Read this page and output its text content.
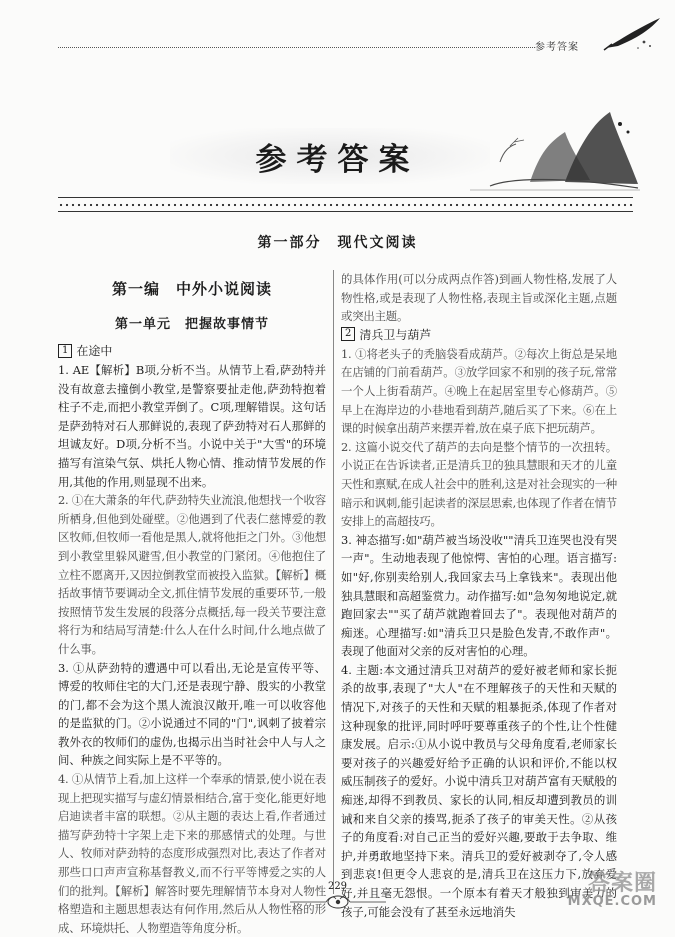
参考答案
参考答案
第一部分　现代文阅读
第一编　中外小说阅读
第一单元　把握故事情节
1 在途中

1. AE【解析】B项,分析不当。从情节上看,萨劲特并没有故意去撞倒小教堂,是警察要扯走他,萨劲特抱着柱子不走,而把小教堂弄倒了。C项,理解错误。这句话是萨劲特对石人那鲜说的,表现了萨劲特对石人那鲜的坦诚友好。D项,分析不当。小说中关于"大雪"的环境描写有渲染气氛、烘托人物心情、推动情节发展的作用,其他的作用,则显现不出来。

2. ①在大萧条的年代,萨劲特失业流浪,他想找一个收容所栖身,但他到处碰壁。②他遇到了代表仁慈博爱的教区牧师,但牧师一看他是黑人,就将他拒之门外。③他想到小教堂里躲风避雪,但小教堂的门紧闭。④他抱住了立柱不愿离开,又因拉倒教堂而被投入监狱。【解析】概括故事情节要调动全文,抓住情节发展的重要环节,一般按照情节发生发展的段落分点概括,每一段关节要注意将行为和结局写清楚:什么人在什么时间,什么地点做了什么事。

3. ①从萨劲特的遭遇中可以看出,无论是宣传平等、博爱的牧师住宅的大门,还是表现宁静、殷实的小教堂的门,都不会为这个黑人流浪汉敞开,唯一可以收容他的是监狱的门。②小说通过不同的"门",讽刺了披着宗教外衣的牧师们的虚伪,也揭示出当时社会中人与人之间、种族之间实际上是不平等的。

4. ①从情节上看,加上这样一个奉承的情景,使小说在表现上把现实描写与虚幻情景相结合,富于变化,能更好地启迪读者丰富的联想。②从主题的表达上看,作者通过描写萨劲特十字架上走下来的那感情式的处理。与世人、牧师对萨劲特的态度形成强烈对比,表达了作者对那些口口声声宣称基督教义,而不行平等博爱之实的人们的批判。【解析】解答时要先理解情节本身对人物性格塑造和主题思想表达有何作用,然后从人物性格的形成、环境烘托、人物塑造等角度分析。

的具体作用(可以分成两点作答)到画人物性格,发展了人物性格,或是表现了人物性格,表现主旨或深化主题,点题或突出主题。

2 清兵卫与葫芦

1. ①将老头子的秃脑袋看成葫芦。②每次上街总是呆地在店铺的门前看葫芦。③放学回家不和别的孩子玩,常常一个人上街看葫芦。④晚上在起居室里专心修葫芦。⑤早上在海岸边的小巷地看到葫芦,随后买了下来。⑥在上课的时候拿出葫芦来摆弄着,放在桌子底下把玩葫芦。

2. 这篇小说交代了葫芦的去向是整个情节的一次扭转。小说正在告诉读者,正是清兵卫的独具慧眼和天才的儿童天性和禀赋,在成人社会中的胜利,这是对社会现实的一种暗示和讽刺,能引起读者的深层思索,也体现了作者在情节安排上的高超技巧。

3. 神态描写:如"葫芦被当场没收""清兵卫连哭也没有哭一声"。生动地表现了他惊愕、害怕的心理。语言描写:如"好,你别卖给别人,我回家去马上拿钱来"。表现出他独具慧眼和高超鉴赏力。动作描写:如"急匆匆地说定,就跑回家去""买了葫芦就跑着回去了"。表现他对葫芦的痴迷。心理描写:如"清兵卫只是脸色发青,不敢作声"。表现了他面对父亲的反对害怕的心理。

4. 主题:本文通过清兵卫对葫芦的爱好被老师和家长扼杀的故事,表现了"大人"在不理解孩子的天性和天赋的情况下,对孩子的天性和天赋的粗暴扼杀,体现了作者对这种现象的批评,同时呼吁要尊重孩子的个性,让个性健康发展。启示:①从小说中教员与父母角度看,老师家长要对孩子的兴趣爱好给予正确的认识和评价,不能以权威压制孩子的爱好。小说中清兵卫对葫芦富有天赋般的痴迷,却得不到教员、家长的认同,相反却遭到教员的训诫和来自父亲的揍骂,扼杀了孩子的审美天性。②从孩子的角度看:对自己正当的爱好兴趣,要敢于去争取、维护,并勇敢地坚持下来。清兵卫的爱好被剥夺了,令人感到悲哀!但更令人悲哀的是,清兵卫在这压力下,放弃爱好,并且毫无怨恨。一个原本有着天才般独到审美力的孩子,可能会没有了甚至永远地消失

229	答案圈
MXQE.COM
